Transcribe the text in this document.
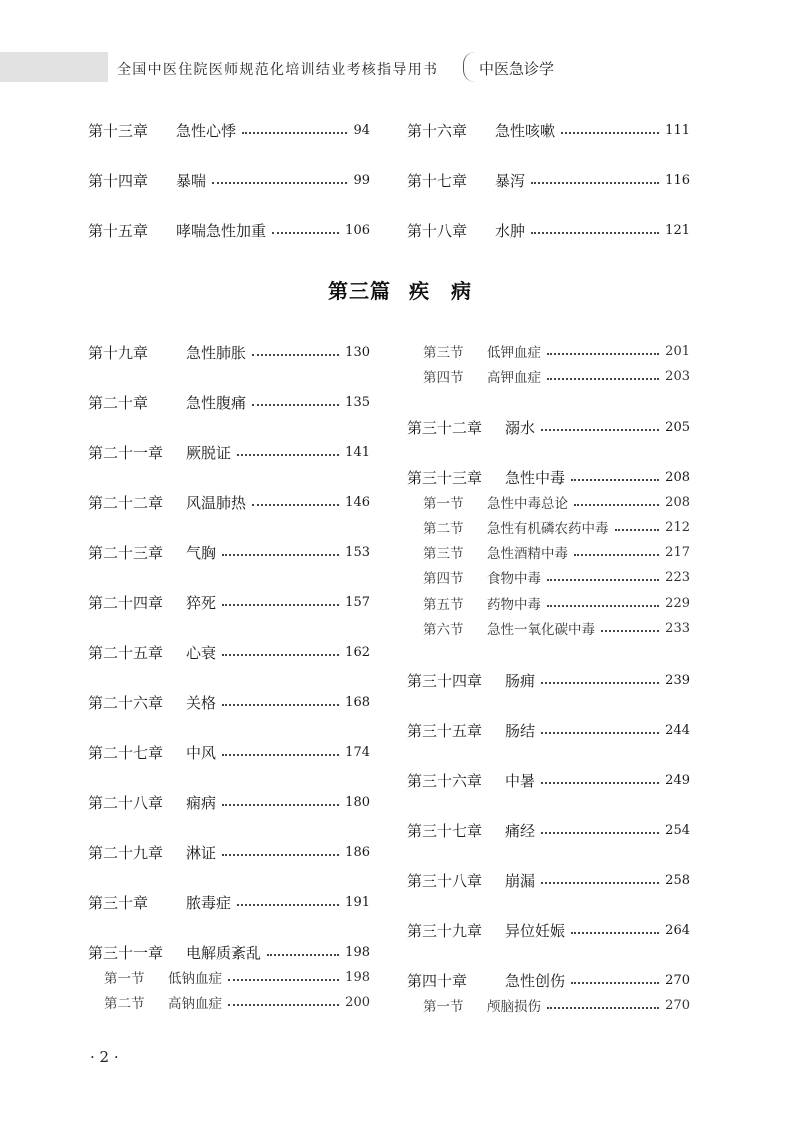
全国中医住院医师规范化培训结业考核指导用书	中医急诊学
第三篇 疾　病
第十三章	急性心悸	94
第十四章	暴喘	99
第十五章	哮喘急性加重	106
第十六章	急性咳嗽	111
第十七章	暴泻	116
第十八章	水肿	121
第十九章	急性肺胀	130
第二十章	急性腹痛	135
第二十一章	厥脱证	141
第二十二章	风温肺热	146
第二十三章	气胸	153
第二十四章	猝死	157
第二十五章	心衰	162
第二十六章	关格	168
第二十七章	中风	174
第二十八章	痫病	180
第二十九章	淋证	186
第三十章	脓毒症	191
第三十一章	电解质紊乱	198
第一节	低钠血症	198
第二节	高钠血症	200
第三节	低钾血症	201
第四节	高钾血症	203
第三十二章	溺水	205
第三十三章	急性中毒	208
第一节	急性中毒总论	208
第二节	急性有机磷农药中毒	212
第三节	急性酒精中毒	217
第四节	食物中毒	223
第五节	药物中毒	229
第六节	急性一氧化碳中毒	233
第三十四章	肠痈	239
第三十五章	肠结	244
第三十六章	中暑	249
第三十七章	痛经	254
第三十八章	崩漏	258
第三十九章	异位妊娠	264
第四十章	急性创伤	270
第一节	颅脑损伤	270
· 2 ·
